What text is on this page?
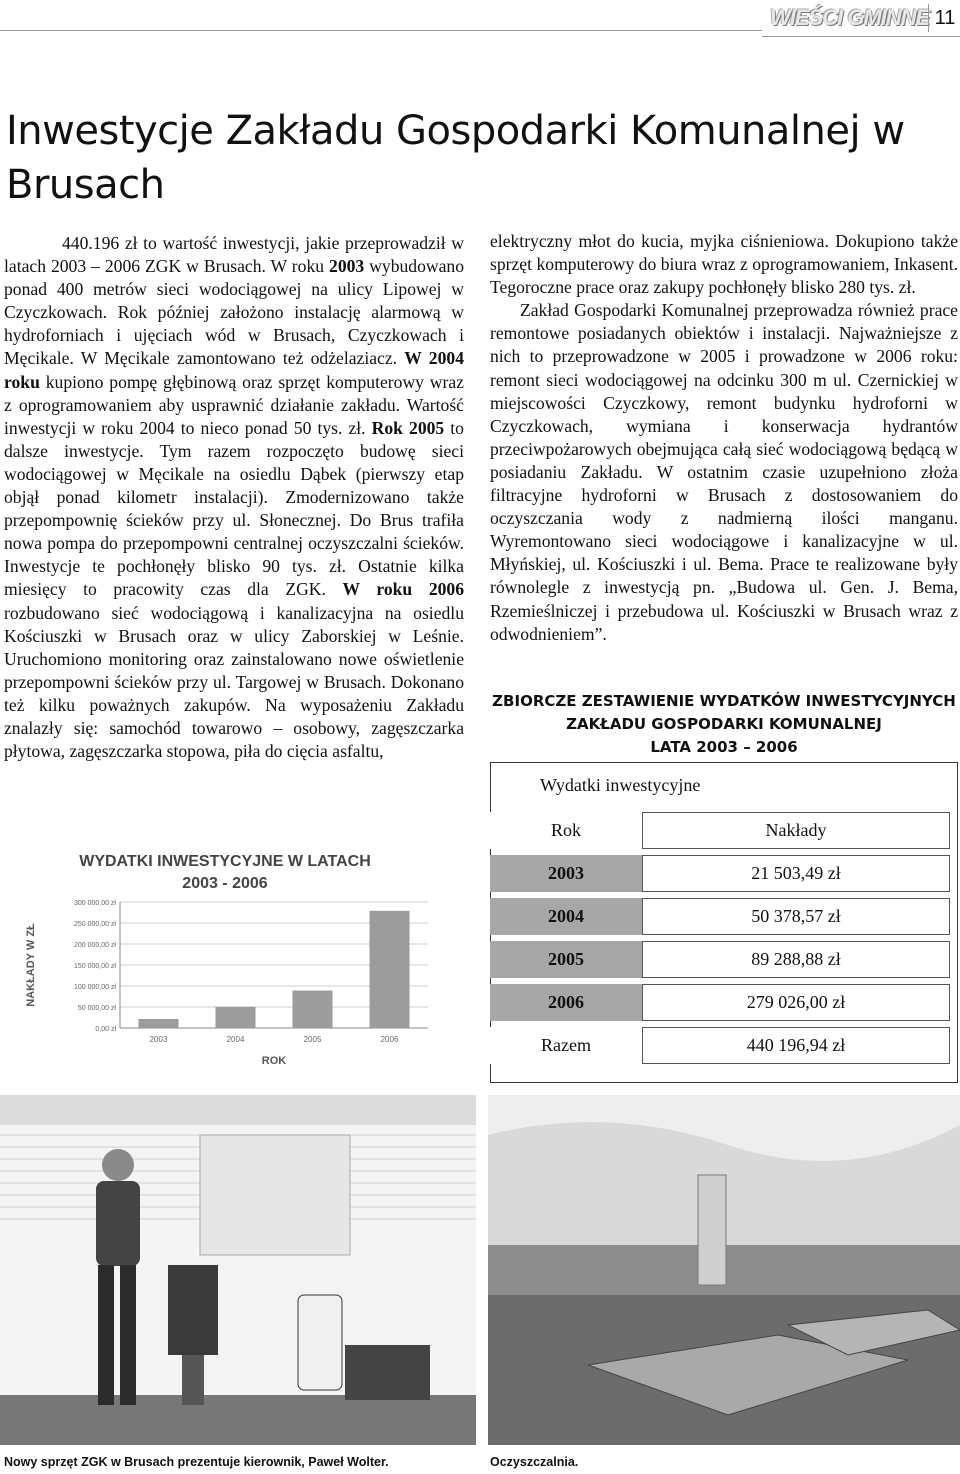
WIEŚCI GMINNE 11
Inwestycje Zakładu Gospodarki Komunalnej w Brusach

440.196 zł to wartość inwestycji, jakie przeprowadził w latach 2003 – 2006 ZGK w Brusach. W roku 2003 wybudowano ponad 400 metrów sieci wodociągowej na ulicy Lipowej w Czyczkowach. Rok później założono instalację alarmową w hydroforniach i ujęciach wód w Brusach, Czyczkowach i Męcikale. W Męcikale zamontowano też odżelaziacz. W 2004 roku kupiono pompę głębinową oraz sprzęt komputerowy wraz z oprogramowaniem aby usprawnić działanie zakładu. Wartość inwestycji w roku 2004 to nieco ponad 50 tys. zł. Rok 2005 to dalsze inwestycje. Tym razem rozpoczęto budowę sieci wodociągowej w Męcikale na osiedlu Dąbek (pierwszy etap objął ponad kilometr instalacji). Zmodernizowano także przepompownię ścieków przy ul. Słonecznej. Do Brus trafiła nowa pompa do przepompowni centralnej oczyszczalni ścieków. Inwestycje te pochłonęły blisko 90 tys. zł. Ostatnie kilka miesięcy to pracowity czas dla ZGK. W roku 2006 rozbudowano sieć wodociągową i kanalizacyjna na osiedlu Kościuszki w Brusach oraz w ulicy Zaborskiej w Leśnie. Uruchomiono monitoring oraz zainstalowano nowe oświetlenie przepompowni ścieków przy ul. Targowej w Brusach. Dokonano też kilku poważnych zakupów. Na wyposażeniu Zakładu znalazły się: samochód towarowo – osobowy, zagęszczarka płytowa, zagęszczarka stopowa, piła do cięcia asfaltu,

elektryczny młot do kucia, myjka ciśnieniowa. Dokupiono także sprzęt komputerowy do biura wraz z oprogramowaniem, Inkasent. Tegoroczne prace oraz zakupy pochłonęły blisko 280 tys. zł.

Zakład Gospodarki Komunalnej przeprowadza również prace remontowe posiadanych obiektów i instalacji. Najważniejsze z nich to przeprowadzone w 2005 i prowadzone w 2006 roku: remont sieci wodociągowej na odcinku 300 m ul. Czernickiej w miejscowości Czyczkowy, remont budynku hydroforni w Czyczkowach, wymiana i konserwacja hydrantów przeciwpożarowych obejmująca całą sieć wodociągową będącą w posiadaniu Zakładu. W ostatnim czasie uzupełniono złoża filtracyjne hydroforni w Brusach z dostosowaniem do oczyszczania wody z nadmierną ilości manganu. Wyremontowano sieci wodociągowe i kanalizacyjne w ul. Młyńskiej, ul. Kościuszki i ul. Bema. Prace te realizowane były równolegle z inwestycją pn. „Budowa ul. Gen. J. Bema, Rzemieślniczej i przebudowa ul. Kościuszki w Brusach wraz z odwodnieniem”.

ZBIORCZE ZESTAWIENIE WYDATKÓW INWESTYCYJNYCH
ZAKŁADU GOSPODARKI KOMUNALNEJ
LATA 2003 – 2006
Wydatki inwestycyjne
Rok	Nakłady
2003	21 503,49 zł
2004	50 378,57 zł
2005	89 288,88 zł
2006	279 026,00 zł
Razem	440 196,94 zł
WYDATKI INWESTYCYJNE W LATACH
2003 - 2006
0,00 zł
50 000,00 zł
100 000,00 zł
150 000,00 zł
200 000,00 zł
250 000,00 zł
300 000,00 zł
2003	2004	2005	2006
ROK
NAKŁADY W ZŁ
Nowy sprzęt ZGK w Brusach prezentuje kierownik, Paweł Wolter.	Oczyszczalnia.
